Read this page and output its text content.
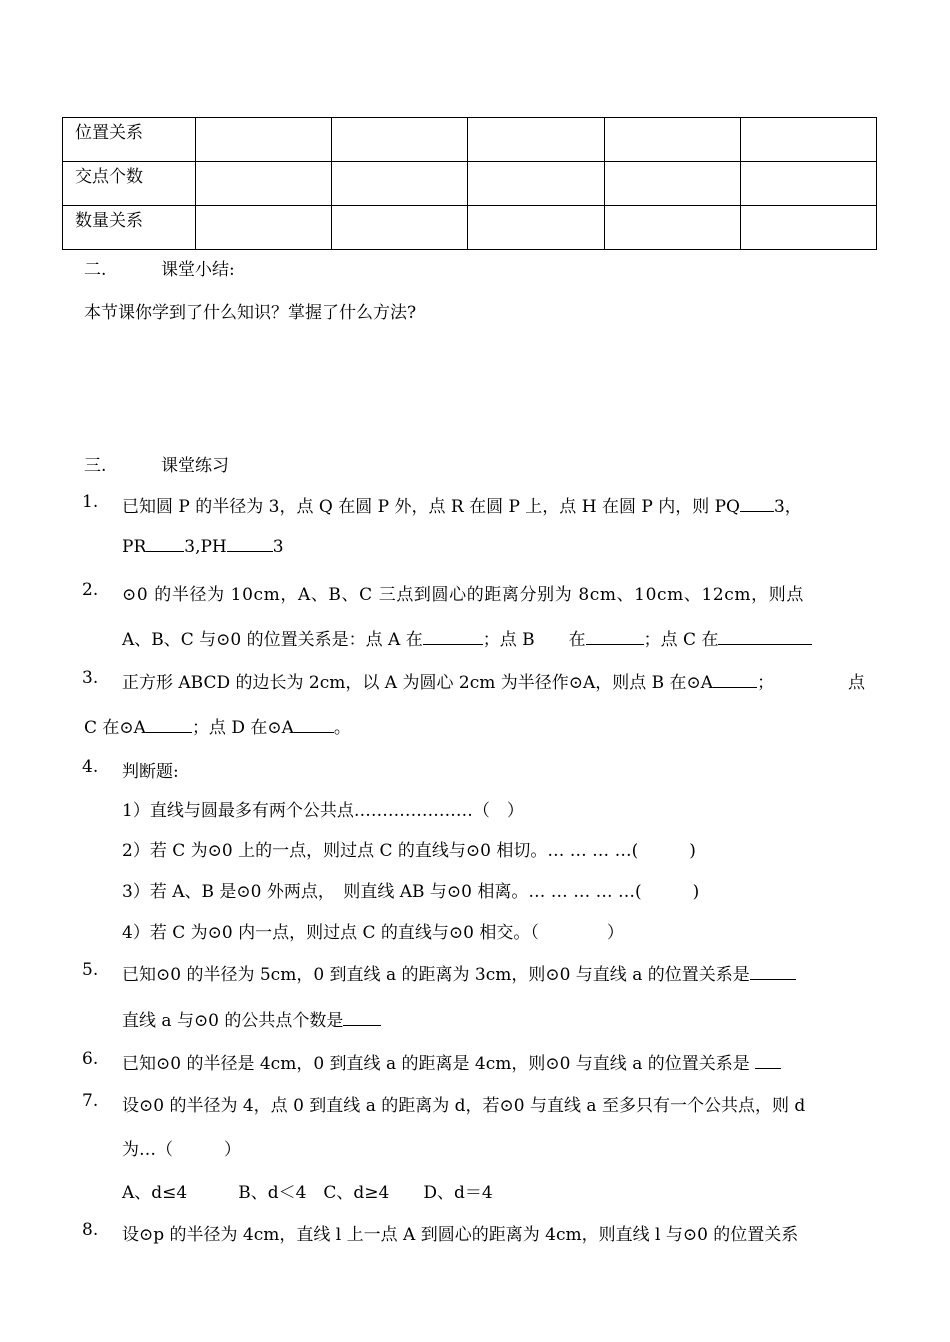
位置关系					
交点个数					
数量关系					
二.	课堂小结:
本节课你学到了什么知识？掌握了什么方法?
三.	课堂练习
1. 已知圆 P 的半径为 3，点 Q 在圆 P 外，点 R 在圆 P 上，点 H 在圆 P 内，则 PQ 3，
PR 3,PH	3
2. ⊙0 的半径为 10cm，A、B、C 三点到圆心的距离分别为 8cm、10cm、12cm，则点
A、B、C 与⊙0 的位置关系是：点 A 在	；点 B　　在	；点 C 在
3. 正方形 ABCD 的边长为 2cm，以 A 为圆心 2cm 为半径作⊙A，则点 B 在⊙A	；	点
C 在⊙A	；点 D 在⊙A 。
4. 判断题:
1）直线与圆最多有两个公共点…………………（　）
2）若 C 为⊙0 上的一点，则过点 C 的直线与⊙0 相切。… … … …(　　　)
3）若 A、B 是⊙0 外两点，　则直线 AB 与⊙0 相离。… … … … …(　　　)
4）若 C 为⊙0 内一点，则过点 C 的直线与⊙0 相交。（　　　　）
5. 已知⊙0 的半径为 5cm，0 到直线 a 的距离为 3cm，则⊙0 与直线 a 的位置关系是
直线 a 与⊙0 的公共点个数是
6. 已知⊙0 的半径是 4cm，0 到直线 a 的距离是 4cm，则⊙0 与直线 a 的位置关系是
7. 设⊙0 的半径为 4，点 0 到直线 a 的距离为 d，若⊙0 与直线 a 至多只有一个公共点，则 d
为…（　　　）
A、d≤4　　　B、d＜4　C、d≥4　　D、d＝4
8. 设⊙p 的半径为 4cm，直线 l 上一点 A 到圆心的距离为 4cm，则直线 l 与⊙0 的位置关系
